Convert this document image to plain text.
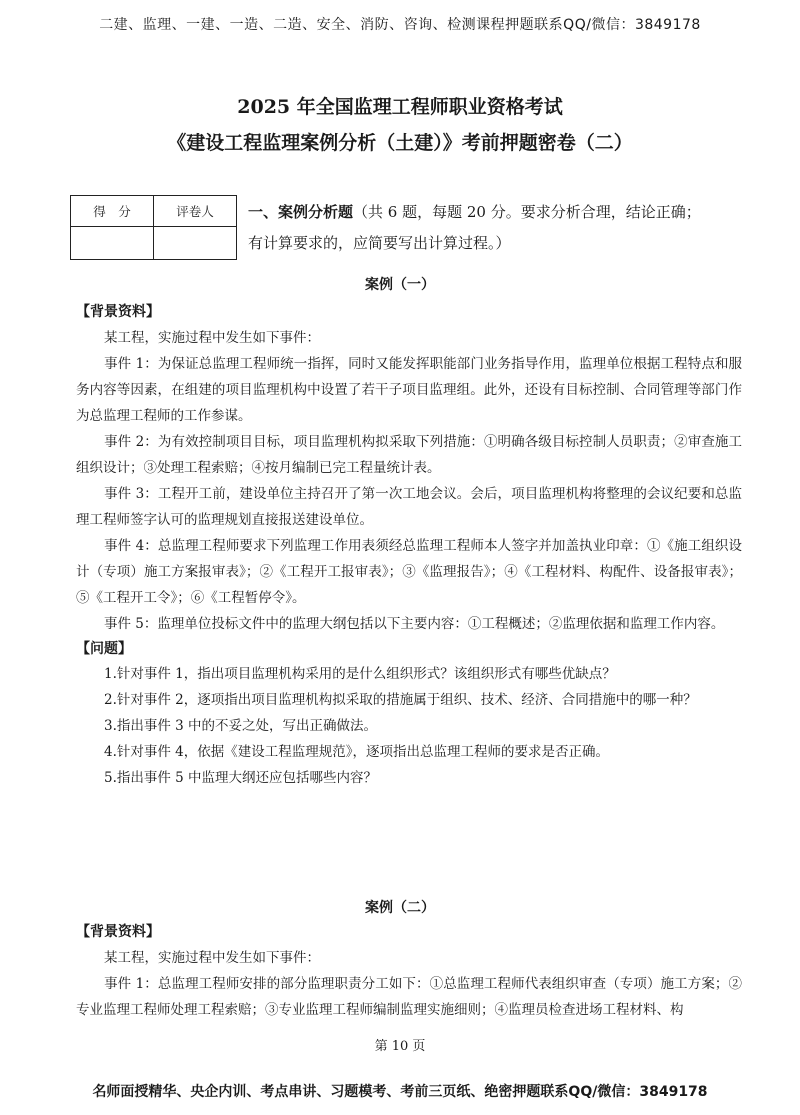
二建、监理、一建、一造、二造、安全、消防、咨询、检测课程押题联系QQ/微信：3849178
2025 年全国监理工程师职业资格考试
《建设工程监理案例分析（土建）》考前押题密卷（二）
得　分	评卷人
	一、案例分析题（共 6 题，每题 20 分。要求分析合理，结论正确；
有计算要求的，应简要写出计算过程。）
案例（一）
【背景资料】
某工程，实施过程中发生如下事件：
事件 1：为保证总监理工程师统一指挥，同时又能发挥职能部门业务指导作用，监理单位根据工程特点和服务内容等因素，在组建的项目监理机构中设置了若干子项目监理组。此外，还设有目标控制、合同管理等部门作为总监理工程师的工作参谋。
事件 2：为有效控制项目目标，项目监理机构拟采取下列措施：①明确各级目标控制人员职责；②审查施工组织设计；③处理工程索赔；④按月编制已完工程量统计表。
事件 3：工程开工前，建设单位主持召开了第一次工地会议。会后，项目监理机构将整理的会议纪要和总监理工程师签字认可的监理规划直接报送建设单位。
事件 4：总监理工程师要求下列监理工作用表须经总监理工程师本人签字并加盖执业印章：①《施工组织设计（专项）施工方案报审表》；②《工程开工报审表》；③《监理报告》；④《工程材料、构配件、设备报审表》；⑤《工程开工令》；⑥《工程暂停令》。
事件 5：监理单位投标文件中的监理大纲包括以下主要内容：①工程概述；②监理依据和监理工作内容。
【问题】
1.针对事件 1，指出项目监理机构采用的是什么组织形式？该组织形式有哪些优缺点？
2.针对事件 2，逐项指出项目监理机构拟采取的措施属于组织、技术、经济、合同措施中的哪一种？
3.指出事件 3 中的不妥之处，写出正确做法。
4.针对事件 4，依据《建设工程监理规范》，逐项指出总监理工程师的要求是否正确。
5.指出事件 5 中监理大纲还应包括哪些内容？
案例（二）
【背景资料】
某工程，实施过程中发生如下事件：
事件 1：总监理工程师安排的部分监理职责分工如下：①总监理工程师代表组织审查（专项）施工方案；②专业监理工程师处理工程索赔；③专业监理工程师编制监理实施细则；④监理员检查进场工程材料、构
第 10 页
名师面授精华、央企内训、考点串讲、习题模考、考前三页纸、绝密押题联系QQ/微信：3849178
